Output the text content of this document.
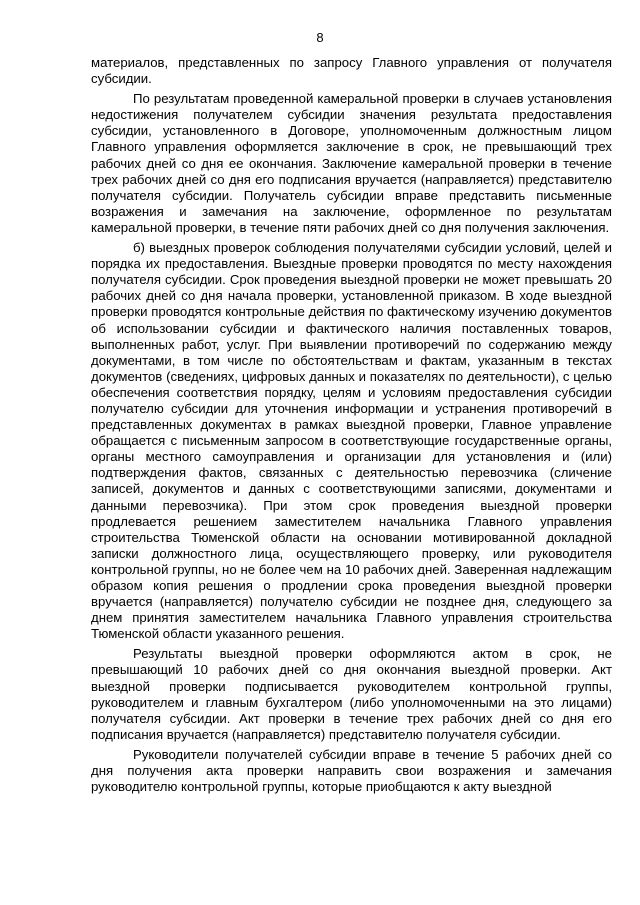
8

материалов, представленных по запросу Главного управления от получателя субсидии.

По результатам проведенной камеральной проверки в случаев установления недостижения получателем субсидии значения результата предоставления субсидии, установленного в Договоре, уполномоченным должностным лицом Главного управления оформляется заключение в срок, не превышающий трех рабочих дней со дня ее окончания. Заключение камеральной проверки в течение трех рабочих дней со дня его подписания вручается (направляется) представителю получателя субсидии. Получатель субсидии вправе представить письменные возражения и замечания на заключение, оформленное по результатам камеральной проверки, в течение пяти рабочих дней со дня получения заключения.

б) выездных проверок соблюдения получателями субсидии условий, целей и порядка их предоставления. Выездные проверки проводятся по месту нахождения получателя субсидии. Срок проведения выездной проверки не может превышать 20 рабочих дней со дня начала проверки, установленной приказом. В ходе выездной проверки проводятся контрольные действия по фактическому изучению документов об использовании субсидии и фактического наличия поставленных товаров, выполненных работ, услуг. При выявлении противоречий по содержанию между документами, в том числе по обстоятельствам и фактам, указанным в текстах документов (сведениях, цифровых данных и показателях по деятельности), с целью обеспечения соответствия порядку, целям и условиям предоставления субсидии получателю субсидии для уточнения информации и устранения противоречий в представленных документах в рамках выездной проверки, Главное управление обращается с письменным запросом в соответствующие государственные органы, органы местного самоуправления и организации для установления и (или) подтверждения фактов, связанных с деятельностью перевозчика (сличение записей, документов и данных с соответствующими записями, документами и данными перевозчика). При этом срок проведения выездной проверки продлевается решением заместителем начальника Главного управления строительства Тюменской области на основании мотивированной докладной записки должностного лица, осуществляющего проверку, или руководителя контрольной группы, но не более чем на 10 рабочих дней. Заверенная надлежащим образом копия решения о продлении срока проведения выездной проверки вручается (направляется) получателю субсидии не позднее дня, следующего за днем принятия заместителем начальника Главного управления строительства Тюменской области указанного решения.

Результаты выездной проверки оформляются актом в срок, не превышающий 10 рабочих дней со дня окончания выездной проверки. Акт выездной проверки подписывается руководителем контрольной группы, руководителем и главным бухгалтером (либо уполномоченными на это лицами) получателя субсидии. Акт проверки в течение трех рабочих дней со дня его подписания вручается (направляется) представителю получателя субсидии.

Руководители получателей субсидии вправе в течение 5 рабочих дней со дня получения акта проверки направить свои возражения и замечания руководителю контрольной группы, которые приобщаются к акту выездной
